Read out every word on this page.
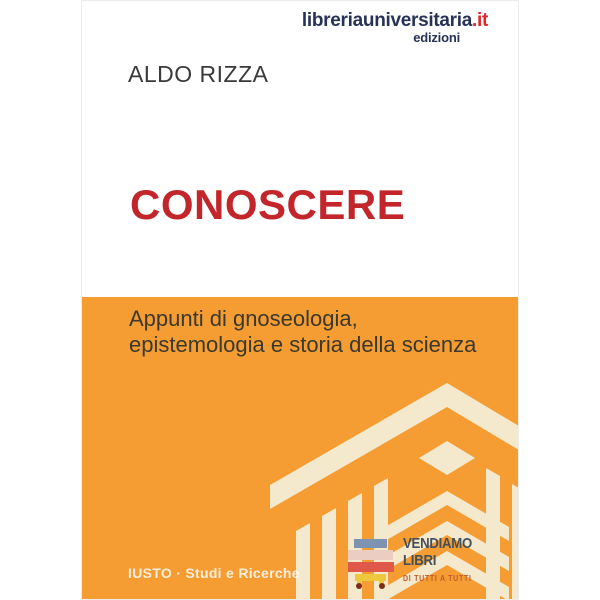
libreriauniversitaria.it
edizioni
ALDO RIZZA
CONOSCERE
Appunti di gnoseologia,
epistemologia e storia della scienza
IUSTO · Studi e Ricerche
VENDIAMO
LIBRI
DI TUTTI A TUTTI
